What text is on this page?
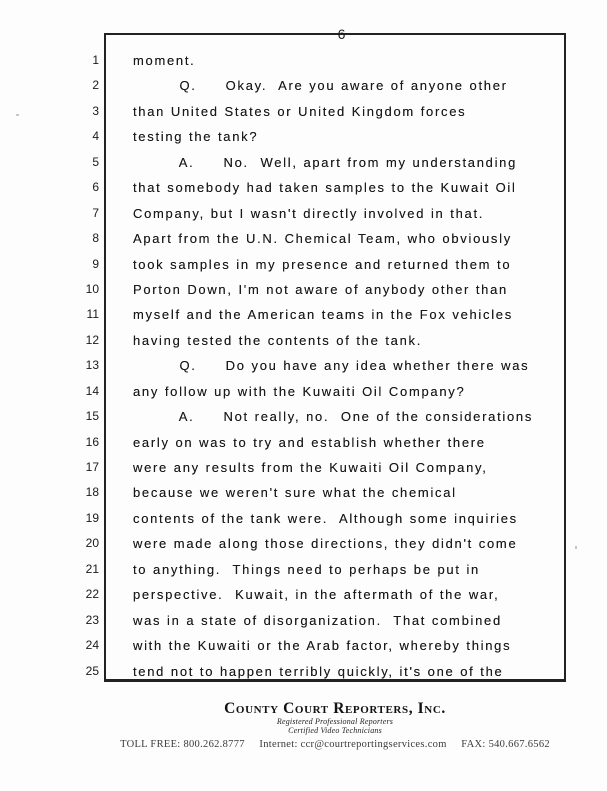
6
1	moment.
2	Q.     Okay.  Are you aware of anyone other
3	than United States or United Kingdom forces
4	testing the tank?
5	A.     No.  Well, apart from my understanding
6	that somebody had taken samples to the Kuwait Oil
7	Company, but I wasn't directly involved in that.
8	Apart from the U.N. Chemical Team, who obviously
9	took samples in my presence and returned them to
10	Porton Down, I'm not aware of anybody other than
11	myself and the American teams in the Fox vehicles
12	having tested the contents of the tank.
13	Q.     Do you have any idea whether there was
14	any follow up with the Kuwaiti Oil Company?
15	A.     Not really, no.  One of the considerations
16	early on was to try and establish whether there
17	were any results from the Kuwaiti Oil Company,
18	because we weren't sure what the chemical
19	contents of the tank were.  Although some inquiries
20	were made along those directions, they didn't come
21	to anything.  Things need to perhaps be put in
22	perspective.  Kuwait, in the aftermath of the war,
23	was in a state of disorganization.  That combined
24	with the Kuwaiti or the Arab factor, whereby things
25	tend not to happen terribly quickly, it's one of the
County Court Reporters, Inc.
Registered Professional Reporters
Certified Video Technicians
TOLL FREE: 800.262.8777     Internet: ccr@courtreportingservices.com     FAX: 540.667.6562
